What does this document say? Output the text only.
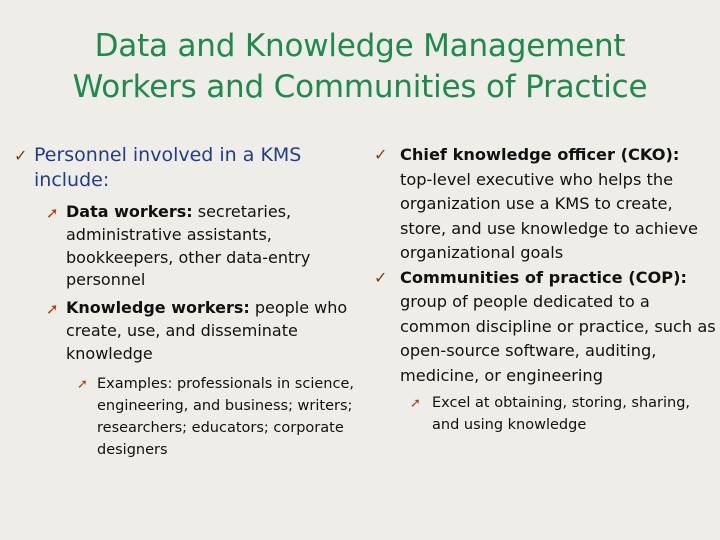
Data and Knowledge Management
Workers and Communities of Practice
✓ Personnel involved in a KMS include:
➚ Data workers: secretaries, administrative assistants, bookkeepers, other data-entry personnel
➚ Knowledge workers: people who create, use, and disseminate knowledge
➚ Examples: professionals in science, engineering, and business; writers; researchers; educators; corporate designers
✓ Chief knowledge officer (CKO): top-level executive who helps the organization use a KMS to create, store, and use knowledge to achieve organizational goals
✓ Communities of practice (COP): group of people dedicated to a common discipline or practice, such as open-source software, auditing, medicine, or engineering
➚ Excel at obtaining, storing, sharing, and using knowledge
